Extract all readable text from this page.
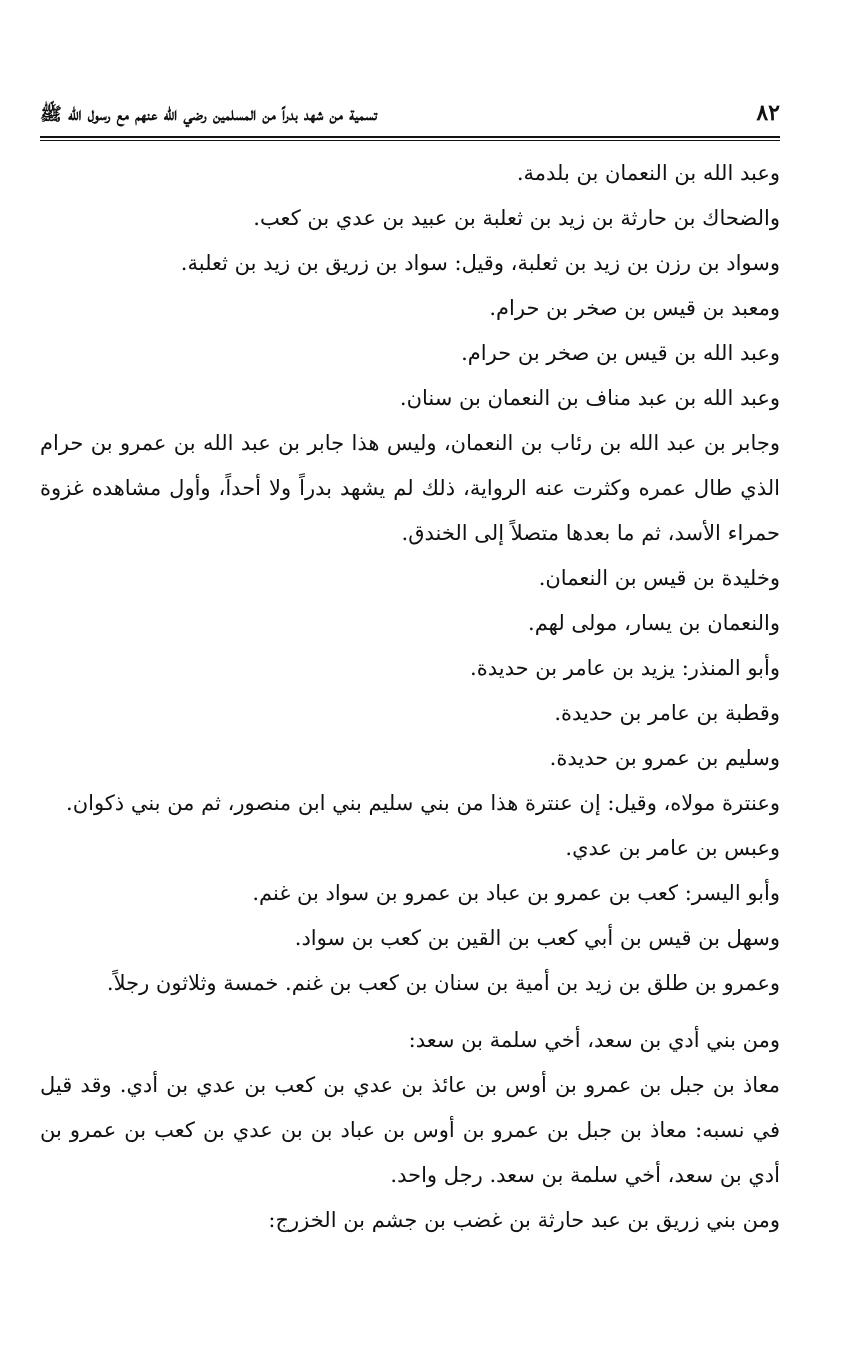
٨٢
تسمية من شهد بدراً من المسلمين رضي الله عنهم مع رسول الله ﷺ

وعبد الله بن النعمان بن بلدمة.

والضحاك بن حارثة بن زيد بن ثعلبة بن عبيد بن عدي بن كعب.

وسواد بن رزن بن زيد بن ثعلبة، وقيل: سواد بن زريق بن زيد بن ثعلبة.

ومعبد بن قيس بن صخر بن حرام.

وعبد الله بن قيس بن صخر بن حرام.

وعبد الله بن عبد مناف بن النعمان بن سنان.

وجابر بن عبد الله بن رئاب بن النعمان، وليس هذا جابر بن عبد الله بن عمرو بن حرام الذي طال عمره وكثرت عنه الرواية، ذلك لم يشهد بدراً ولا أحداً، وأول مشاهده غزوة حمراء الأسد، ثم ما بعدها متصلاً إلى الخندق.

وخليدة بن قيس بن النعمان.

والنعمان بن يسار، مولى لهم.

وأبو المنذر: يزيد بن عامر بن حديدة.

وقطبة بن عامر بن حديدة.

وسليم بن عمرو بن حديدة.

وعنترة مولاه، وقيل: إن عنترة هذا من بني سليم بني ابن منصور، ثم من بني ذكوان.

وعبس بن عامر بن عدي.

وأبو اليسر: كعب بن عمرو بن عباد بن عمرو بن سواد بن غنم.

وسهل بن قيس بن أبي كعب بن القين بن كعب بن سواد.

وعمرو بن طلق بن زيد بن أمية بن سنان بن كعب بن غنم. خمسة وثلاثون رجلاً.

ومن بني أدي بن سعد، أخي سلمة بن سعد:

معاذ بن جبل بن عمرو بن أوس بن عائذ بن عدي بن كعب بن عدي بن أدي. وقد قيل في نسبه: معاذ بن جبل بن عمرو بن أوس بن عباد بن بن عدي بن كعب بن عمرو بن أدي بن سعد، أخي سلمة بن سعد. رجل واحد.

ومن بني زريق بن عبد حارثة بن غضب بن جشم بن الخزرج:
